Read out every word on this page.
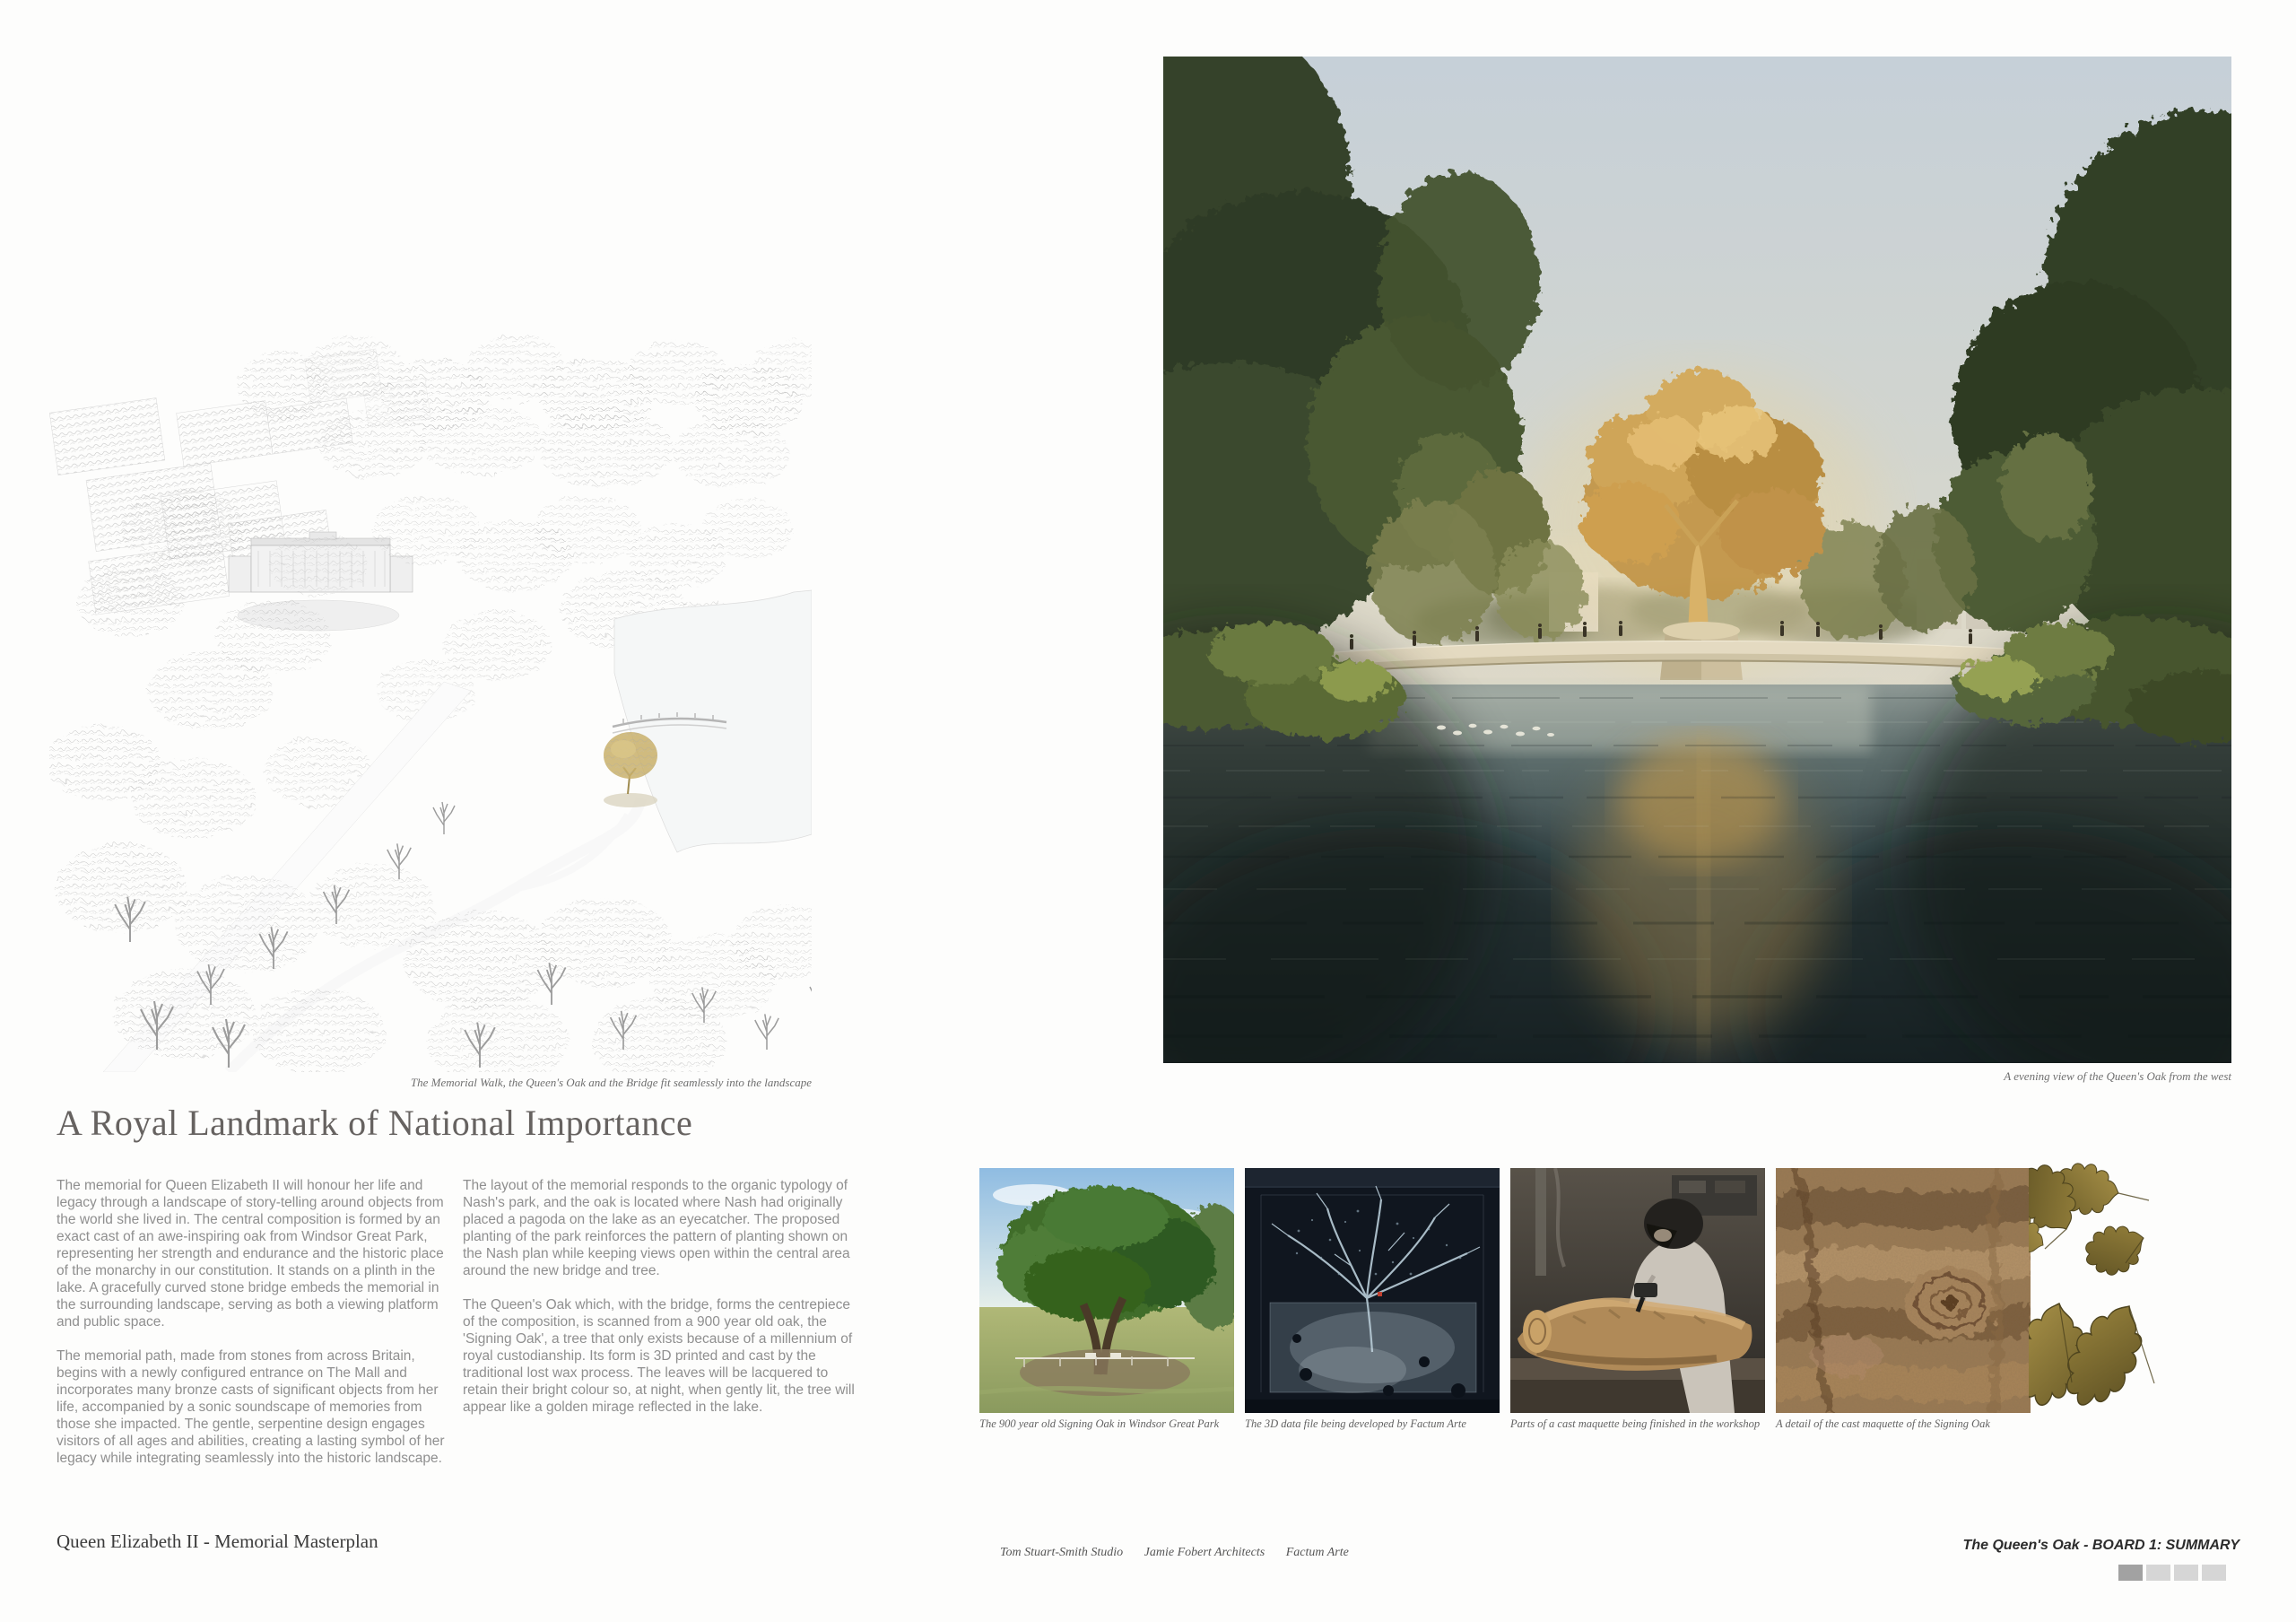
The Memorial Walk, the Queen's Oak and the Bridge fit seamlessly into the landscape	A evening view of the Queen's Oak from the west
A Royal Landmark of National Importance

The memorial for Queen Elizabeth II will honour her life and legacy through a landscape of story-telling around objects from the world she lived in. The central composition is formed by an exact cast of an awe-inspiring oak from Windsor Great Park, representing her strength and endurance and the historic place of the monarchy in our constitution. It stands on a plinth in the lake. A gracefully curved stone bridge embeds the memorial in the surrounding landscape, serving as both a viewing platform and public space.

The memorial path, made from stones from across Britain, begins with a newly configured entrance on The Mall and incorporates many bronze casts of significant objects from her life, accompanied by a sonic soundscape of memories from those she impacted. The gentle, serpentine design engages visitors of all ages and abilities, creating a lasting symbol of her legacy while integrating seamlessly into the historic landscape.

The layout of the memorial responds to the organic typology of Nash's park, and the oak is located where Nash had originally placed a pagoda on the lake as an eyecatcher. The proposed planting of the park reinforces the pattern of planting shown on the Nash plan while keeping views open within the central area around the new bridge and tree.

The Queen's Oak which, with the bridge, forms the centrepiece of the composition, is scanned from a 900 year old oak, the 'Signing Oak', a tree that only exists because of a millennium of royal custodianship. Its form is 3D printed and cast by the traditional lost wax process. The leaves will be lacquered to retain their bright colour so, at night, when gently lit, the tree will appear like a golden mirage reflected in the lake.

The 900 year old Signing Oak in Windsor Great Park	The 3D data file being developed by Factum Arte	Parts of a cast maquette being finished in the workshop	A detail of the cast maquette of the Signing Oak
Queen Elizabeth II - Memorial Masterplan
Tom Stuart-Smith Studio Jamie Fobert Architects Factum Arte	The Queen's Oak - BOARD 1: SUMMARY
